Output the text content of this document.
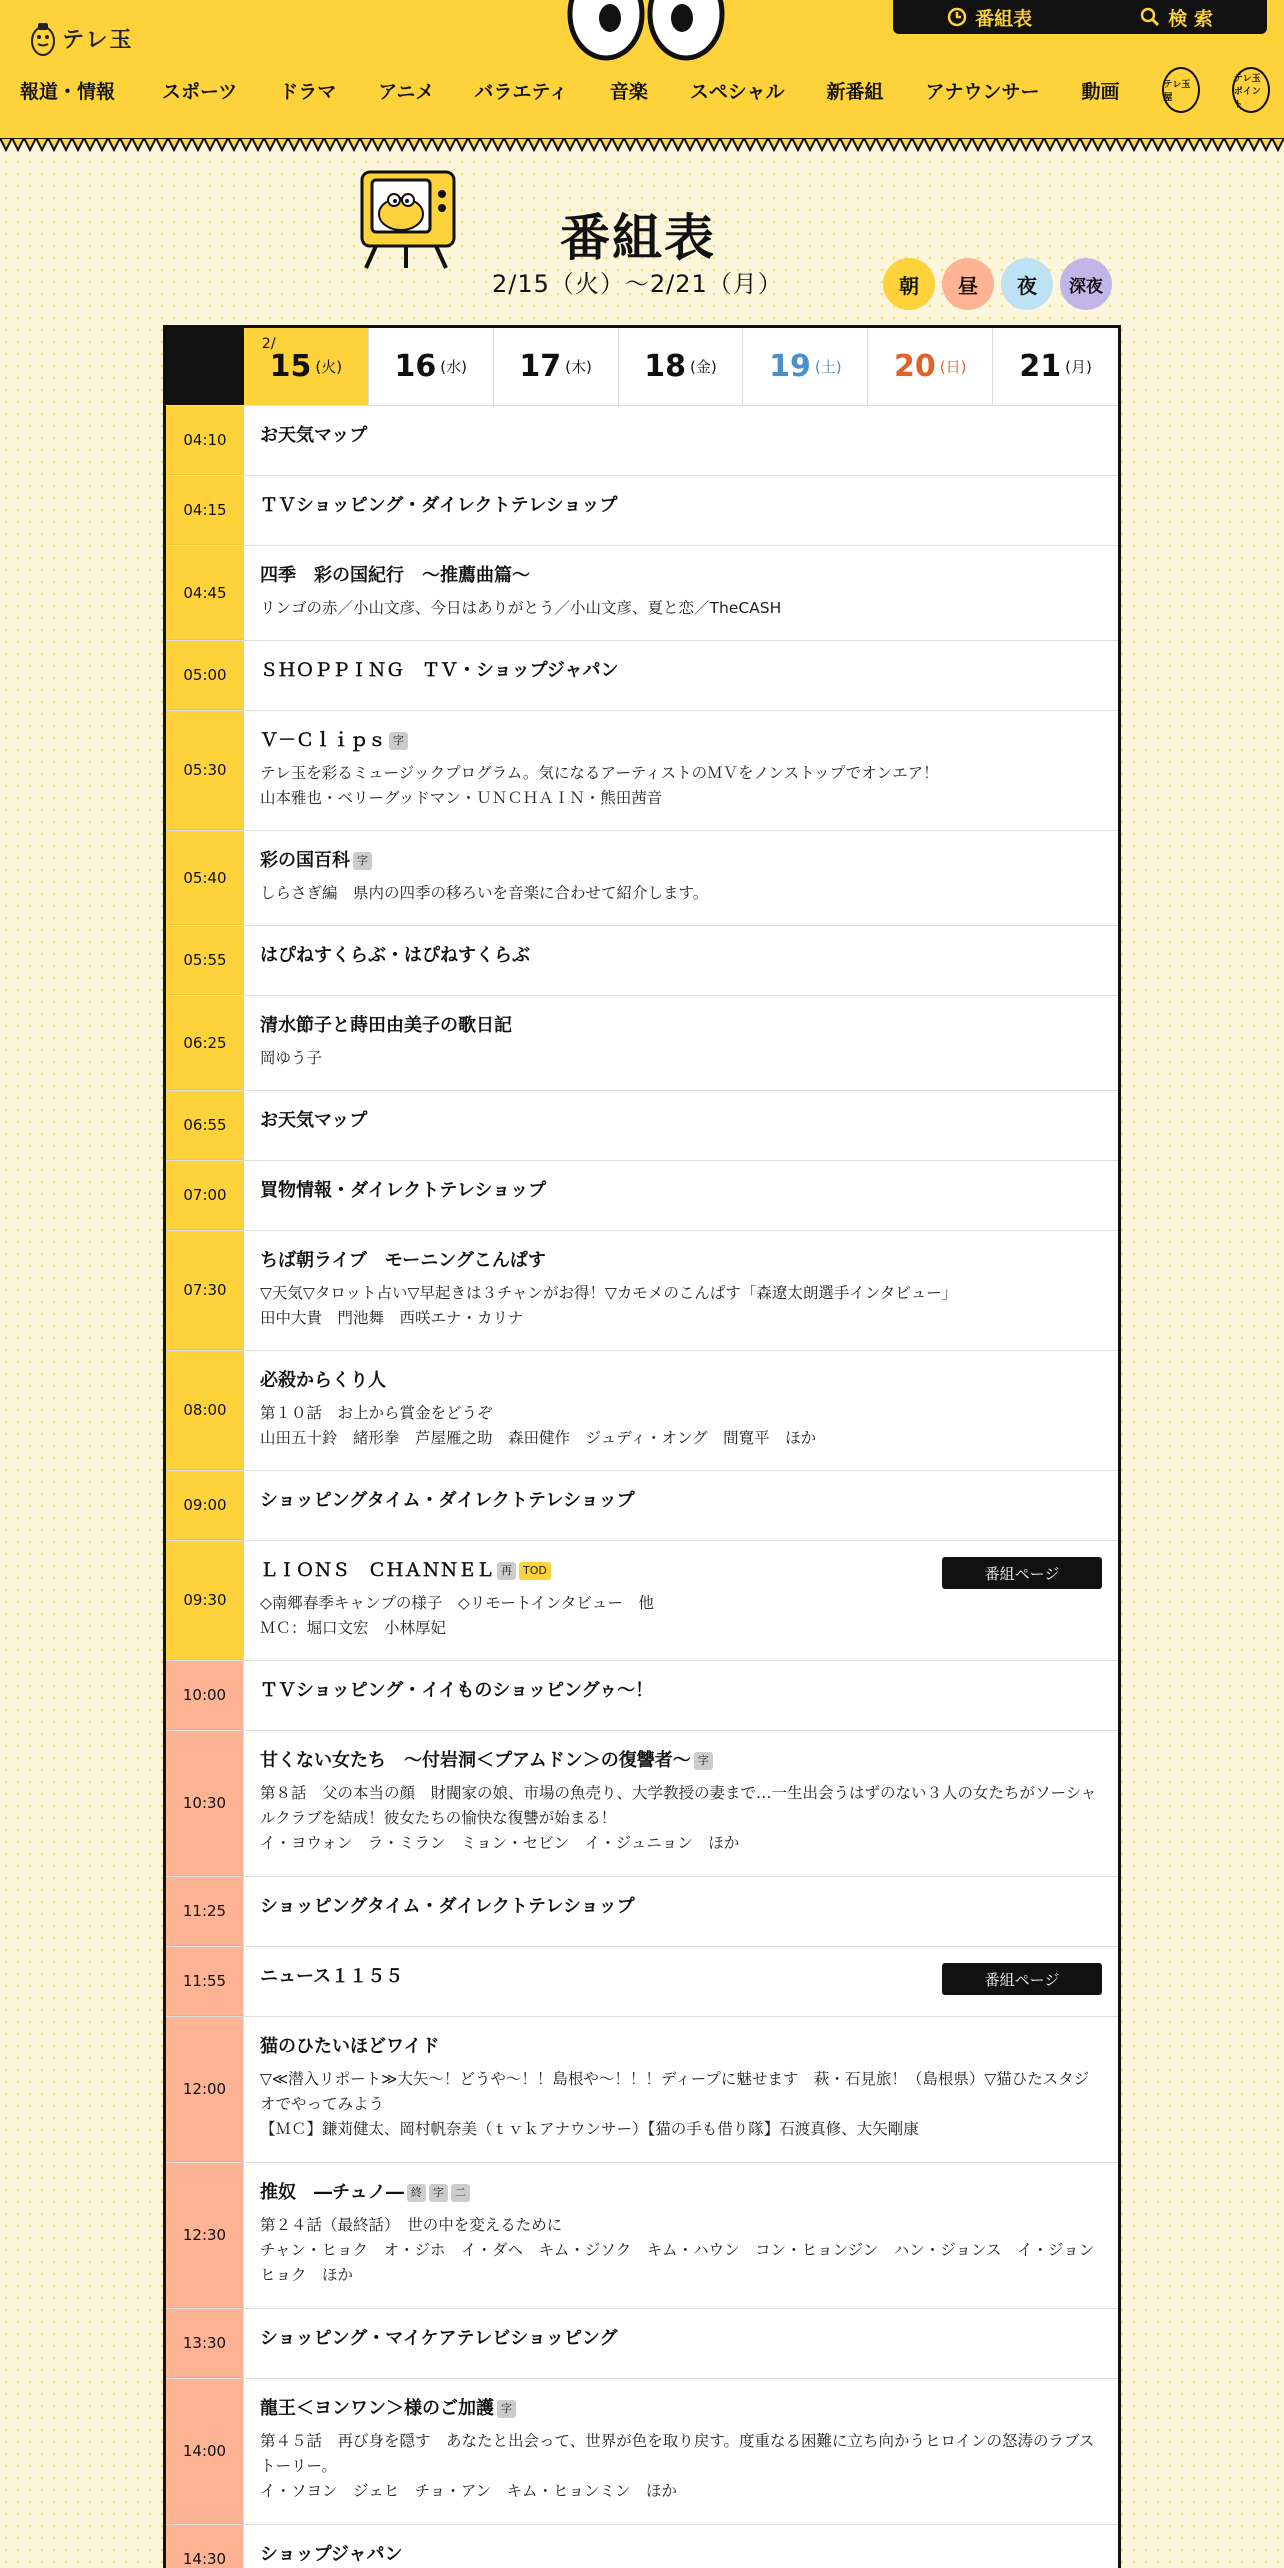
テレ玉
番組表	検 索
報道・情報 スポーツ ドラマ アニメ バラエティ 音楽 スペシャル 新番組 アナウンサー 動画	テレ玉屋
テレ玉ポイント
番組表
2/15（火）〜2/21（月）	朝	昼	夜	深夜
2/
15 (火) 16 (水) 17 (木) 18 (金) 19 (土) 20 (日) 21 (月)
04:10	お天気マップ
04:15	ＴＶショッピング・ダイレクトテレショップ
04:45
四季　彩の国紀行　～推薦曲篇～

リンゴの赤／小山文彦、今日はありがとう／小山文彦、夏と恋／TheCASH

05:00	ＳＨＯＰＰＩＮＧ　ＴＶ・ショップジャパン
05:30
Ｖ－Ｃｌｉｐｓ 字

テレ玉を彩るミュージックプログラム。気になるアーティストのＭＶをノンストップでオンエア！

山本雅也・ベリーグッドマン・ＵＮＣＨＡＩＮ・熊田茜音

05:40
彩の国百科 字

しらさぎ編　県内の四季の移ろいを音楽に合わせて紹介します。

05:55	はぴねすくらぶ・はぴねすくらぶ
06:25
清水節子と蒔田由美子の歌日記

岡ゆう子

06:55	お天気マップ
07:00	買物情報・ダイレクトテレショップ
07:30
ちば朝ライブ　モーニングこんぱす

▽天気▽タロット占い▽早起きは３チャンがお得！▽カモメのこんぱす「森遼太朗選手インタビュー」

田中大貴　門池舞　西咲エナ・カリナ

08:00
必殺からくり人

第１０話　お上から賞金をどうぞ

山田五十鈴　緒形拳　芦屋雁之助　森田健作　ジュディ・オング　間寛平　ほか

09:00	ショッピングタイム・ダイレクトテレショップ
09:30
ＬＩＯＮＳ　ＣＨＡＮＮＥＬ 再 TOD

◇南郷春季キャンプの様子　◇リモートインタビュー　他

ＭＣ：堀口文宏　小林厚妃

番組ページ
10:00	ＴＶショッピング・イイものショッピングゥ～！
10:30
甘くない女たち　～付岩洞＜プアムドン＞の復讐者～ 字

第８話　父の本当の顔　財閥家の娘、市場の魚売り、大学教授の妻まで…一生出会うはずのない３人の女たちがソーシャルクラブを結成！彼女たちの愉快な復讐が始まる！

イ・ヨウォン　ラ・ミラン　ミョン・セビン　イ・ジュニョン　ほか

11:25	ショッピングタイム・ダイレクトテレショップ
11:55	ニュース１１５５	番組ページ
12:00
猫のひたいほどワイド

▽≪潜入リポート≫大矢～！どうや～！！島根や～！！！ディープに魅せます　萩・石見旅！（島根県）▽猫ひたスタジオでやってみよう

【ＭＣ】鎌苅健太、岡村帆奈美（ｔｖｋアナウンサー）【猫の手も借り隊】石渡真修、大矢剛康

12:30
推奴　―チュノ― 終 字 二

第２４話（最終話）　世の中を変えるために

チャン・ヒョク　オ・ジホ　イ・ダヘ　キム・ジソク　キム・ハウン　コン・ヒョンジン　ハン・ジョンス　イ・ジョンヒョク　ほか

13:30	ショッピング・マイケアテレビショッピング
14:00
龍王＜ヨンワン＞様のご加護 字

第４５話　再び身を隠す　あなたと出会って、世界が色を取り戻す。度重なる困難に立ち向かうヒロインの怒涛のラブストーリー。

イ・ソヨン　ジェヒ　チョ・アン　キム・ヒョンミン　ほか

14:30	ショップジャパン
